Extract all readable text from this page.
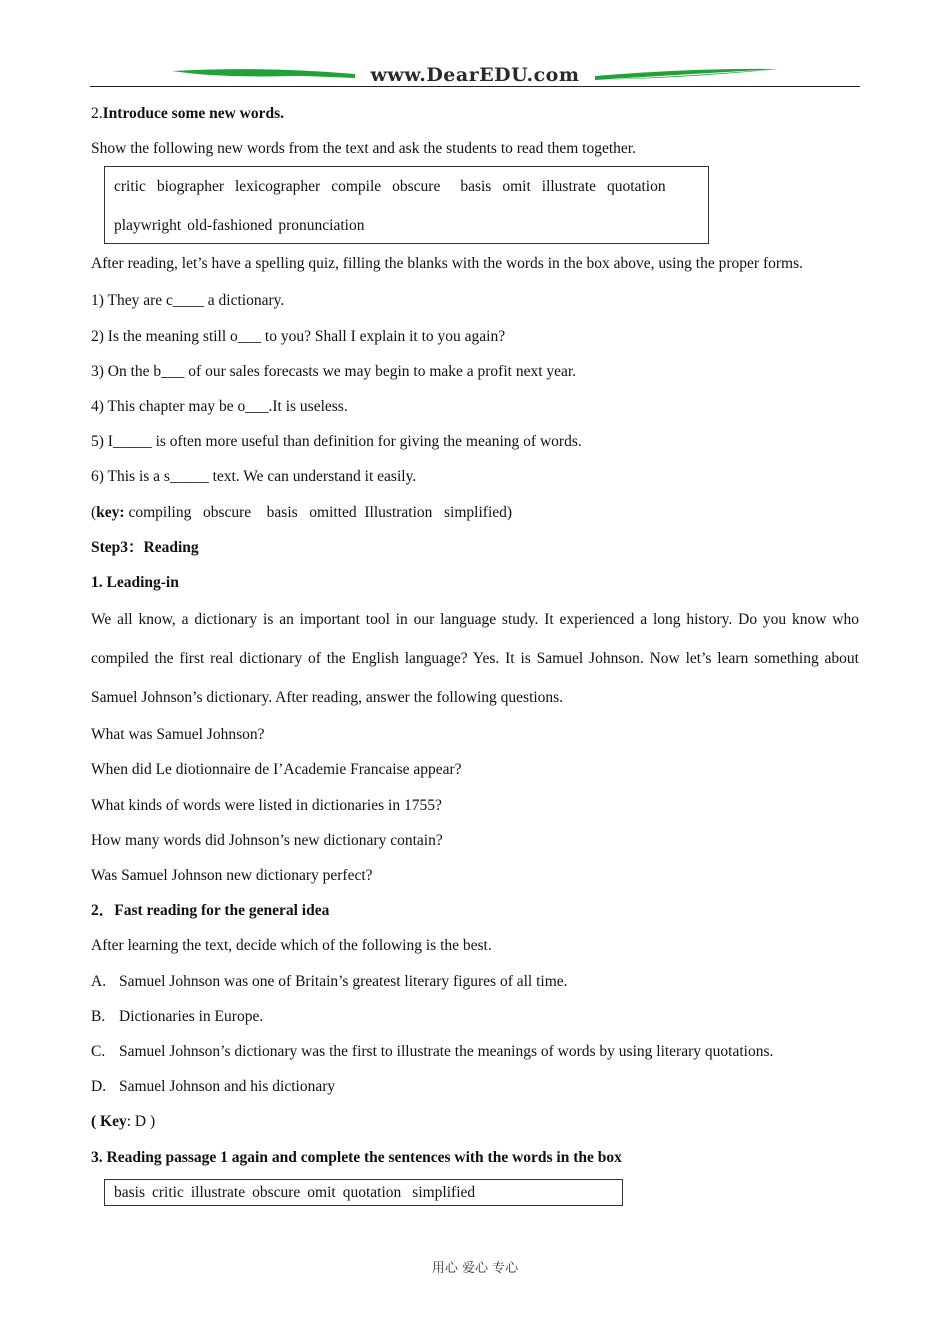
www.DearEDU.com

2.Introduce some new words.

Show the following new words from the text and ask the students to read them together.

critic biographer lexicographer compile obscure basis omit illustrate quotation

playwright old-fashioned pronunciation

After reading, let’s have a spelling quiz, filling the blanks with the words in the box above, using the proper forms.

1) They are c____ a dictionary.

2) Is the meaning still o___ to you? Shall I explain it to you again?

3) On the b___ of our sales forecasts we may begin to make a profit next year.

4) This chapter may be o___.It is useless.

5) I_____ is often more useful than definition for giving the meaning of words.

6) This is a s_____ text. We can understand it easily.

(key: compiling   obscure    basis   omitted  Illustration   simplified)

Step3：Reading

1. Leading-in

We all know, a dictionary is an important tool in our language study. It experienced a long history. Do you know who compiled the first real dictionary of the English language? Yes. It is Samuel Johnson. Now let’s learn something about Samuel Johnson’s dictionary. After reading, answer the following questions.

What was Samuel Johnson?

When did Le diotionnaire de I’Academie Francaise appear?

What kinds of words were listed in dictionaries in 1755?

How many words did Johnson’s new dictionary contain?

Was Samuel Johnson new dictionary perfect?

2．Fast reading for the general idea

After learning the text, decide which of the following is the best.

A. Samuel Johnson was one of Britain’s greatest literary figures of all time.

B. Dictionaries in Europe.

C. Samuel Johnson’s dictionary was the first to illustrate the meanings of words by using literary quotations.

D. Samuel Johnson and his dictionary

( Key: D )

3. Reading passage 1 again and complete the sentences with the words in the box

basis critic illustrate obscure omit quotation simplified

用心 爱心 专心
